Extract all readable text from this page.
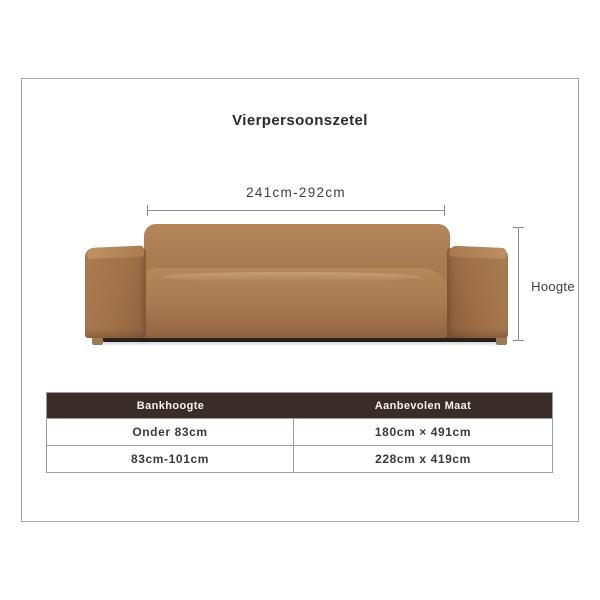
Vierpersoonszetel
241cm-292cm
Hoogte
Bankhoogte	Aanbevolen Maat
Onder 83cm	180cm × 491cm
83cm-101cm	228cm x 419cm
